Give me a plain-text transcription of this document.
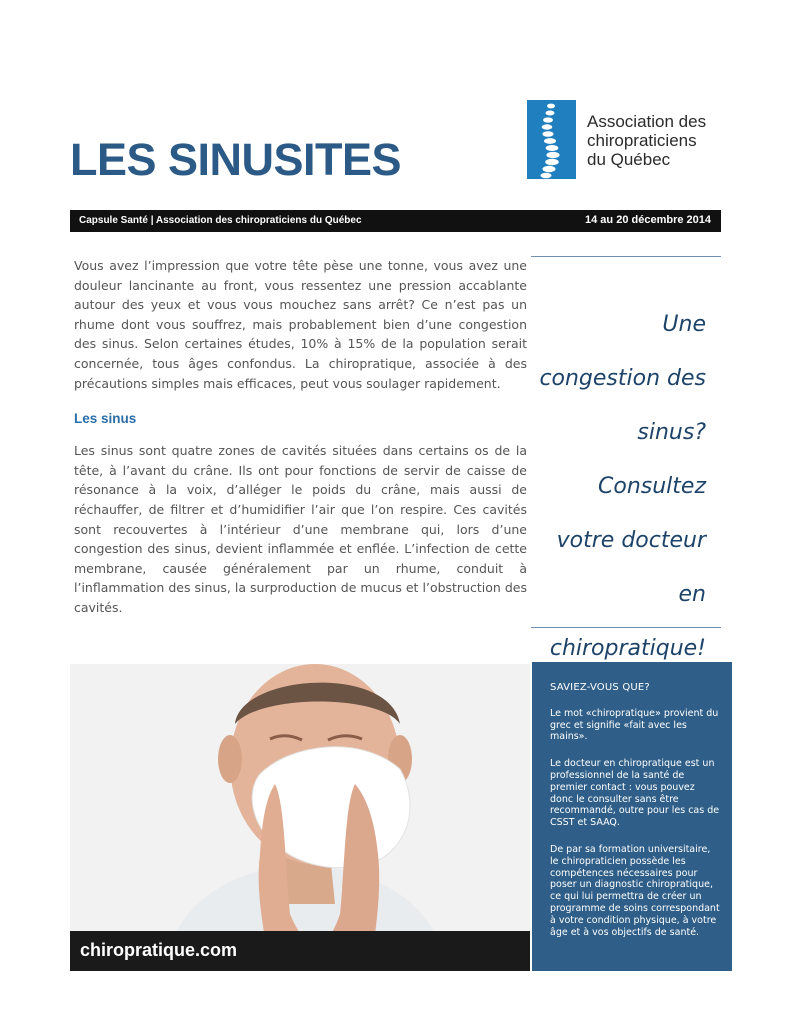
LES SINUSITES
Association des
chiropraticiens
du Québec
Capsule Santé | Association des chiropraticiens du Québec	14 au 20 décembre 2014

Vous avez l’impression que votre tête pèse une tonne, vous avez une douleur lancinante au front, vous ressentez une pression accablante autour des yeux et vous vous mouchez sans arrêt? Ce n’est pas un rhume dont vous souffrez, mais probablement bien d’une congestion des sinus. Selon certaines études, 10% à 15% de la population serait concernée, tous âges confondus. La chiropratique, associée à des précautions simples mais efficaces, peut vous soulager rapidement.

Les sinus

Les sinus sont quatre zones de cavités situées dans certains os de la tête, à l’avant du crâne. Ils ont pour fonctions de servir de caisse de résonance à la voix, d’alléger le poids du crâne, mais aussi de réchauffer, de filtrer et d’humidifier l’air que l’on respire. Ces cavités sont recouvertes à l’intérieur d’une membrane qui, lors d’une congestion des sinus, devient inflammée et enflée. L’infection de cette membrane, causée généralement par un rhume, conduit à l’inflammation des sinus, la surproduction de mucus et l’obstruction des cavités.

Une congestion des sinus? Consultez votre docteur en chiropratique!
chiropratique.com
SAVIEZ-VOUS QUE?

Le mot «chiropratique» provient du grec et signifie «fait avec les mains».

Le docteur en chiropratique est un professionnel de la santé de premier contact : vous pouvez donc le consulter sans être recommandé, outre pour les cas de CSST et SAAQ.

De par sa formation universitaire, le chiropraticien possède les compétences nécessaires pour poser un diagnostic chiropratique, ce qui lui permettra de créer un programme de soins correspondant à votre condition physique, à votre âge et à vos objectifs de santé.
